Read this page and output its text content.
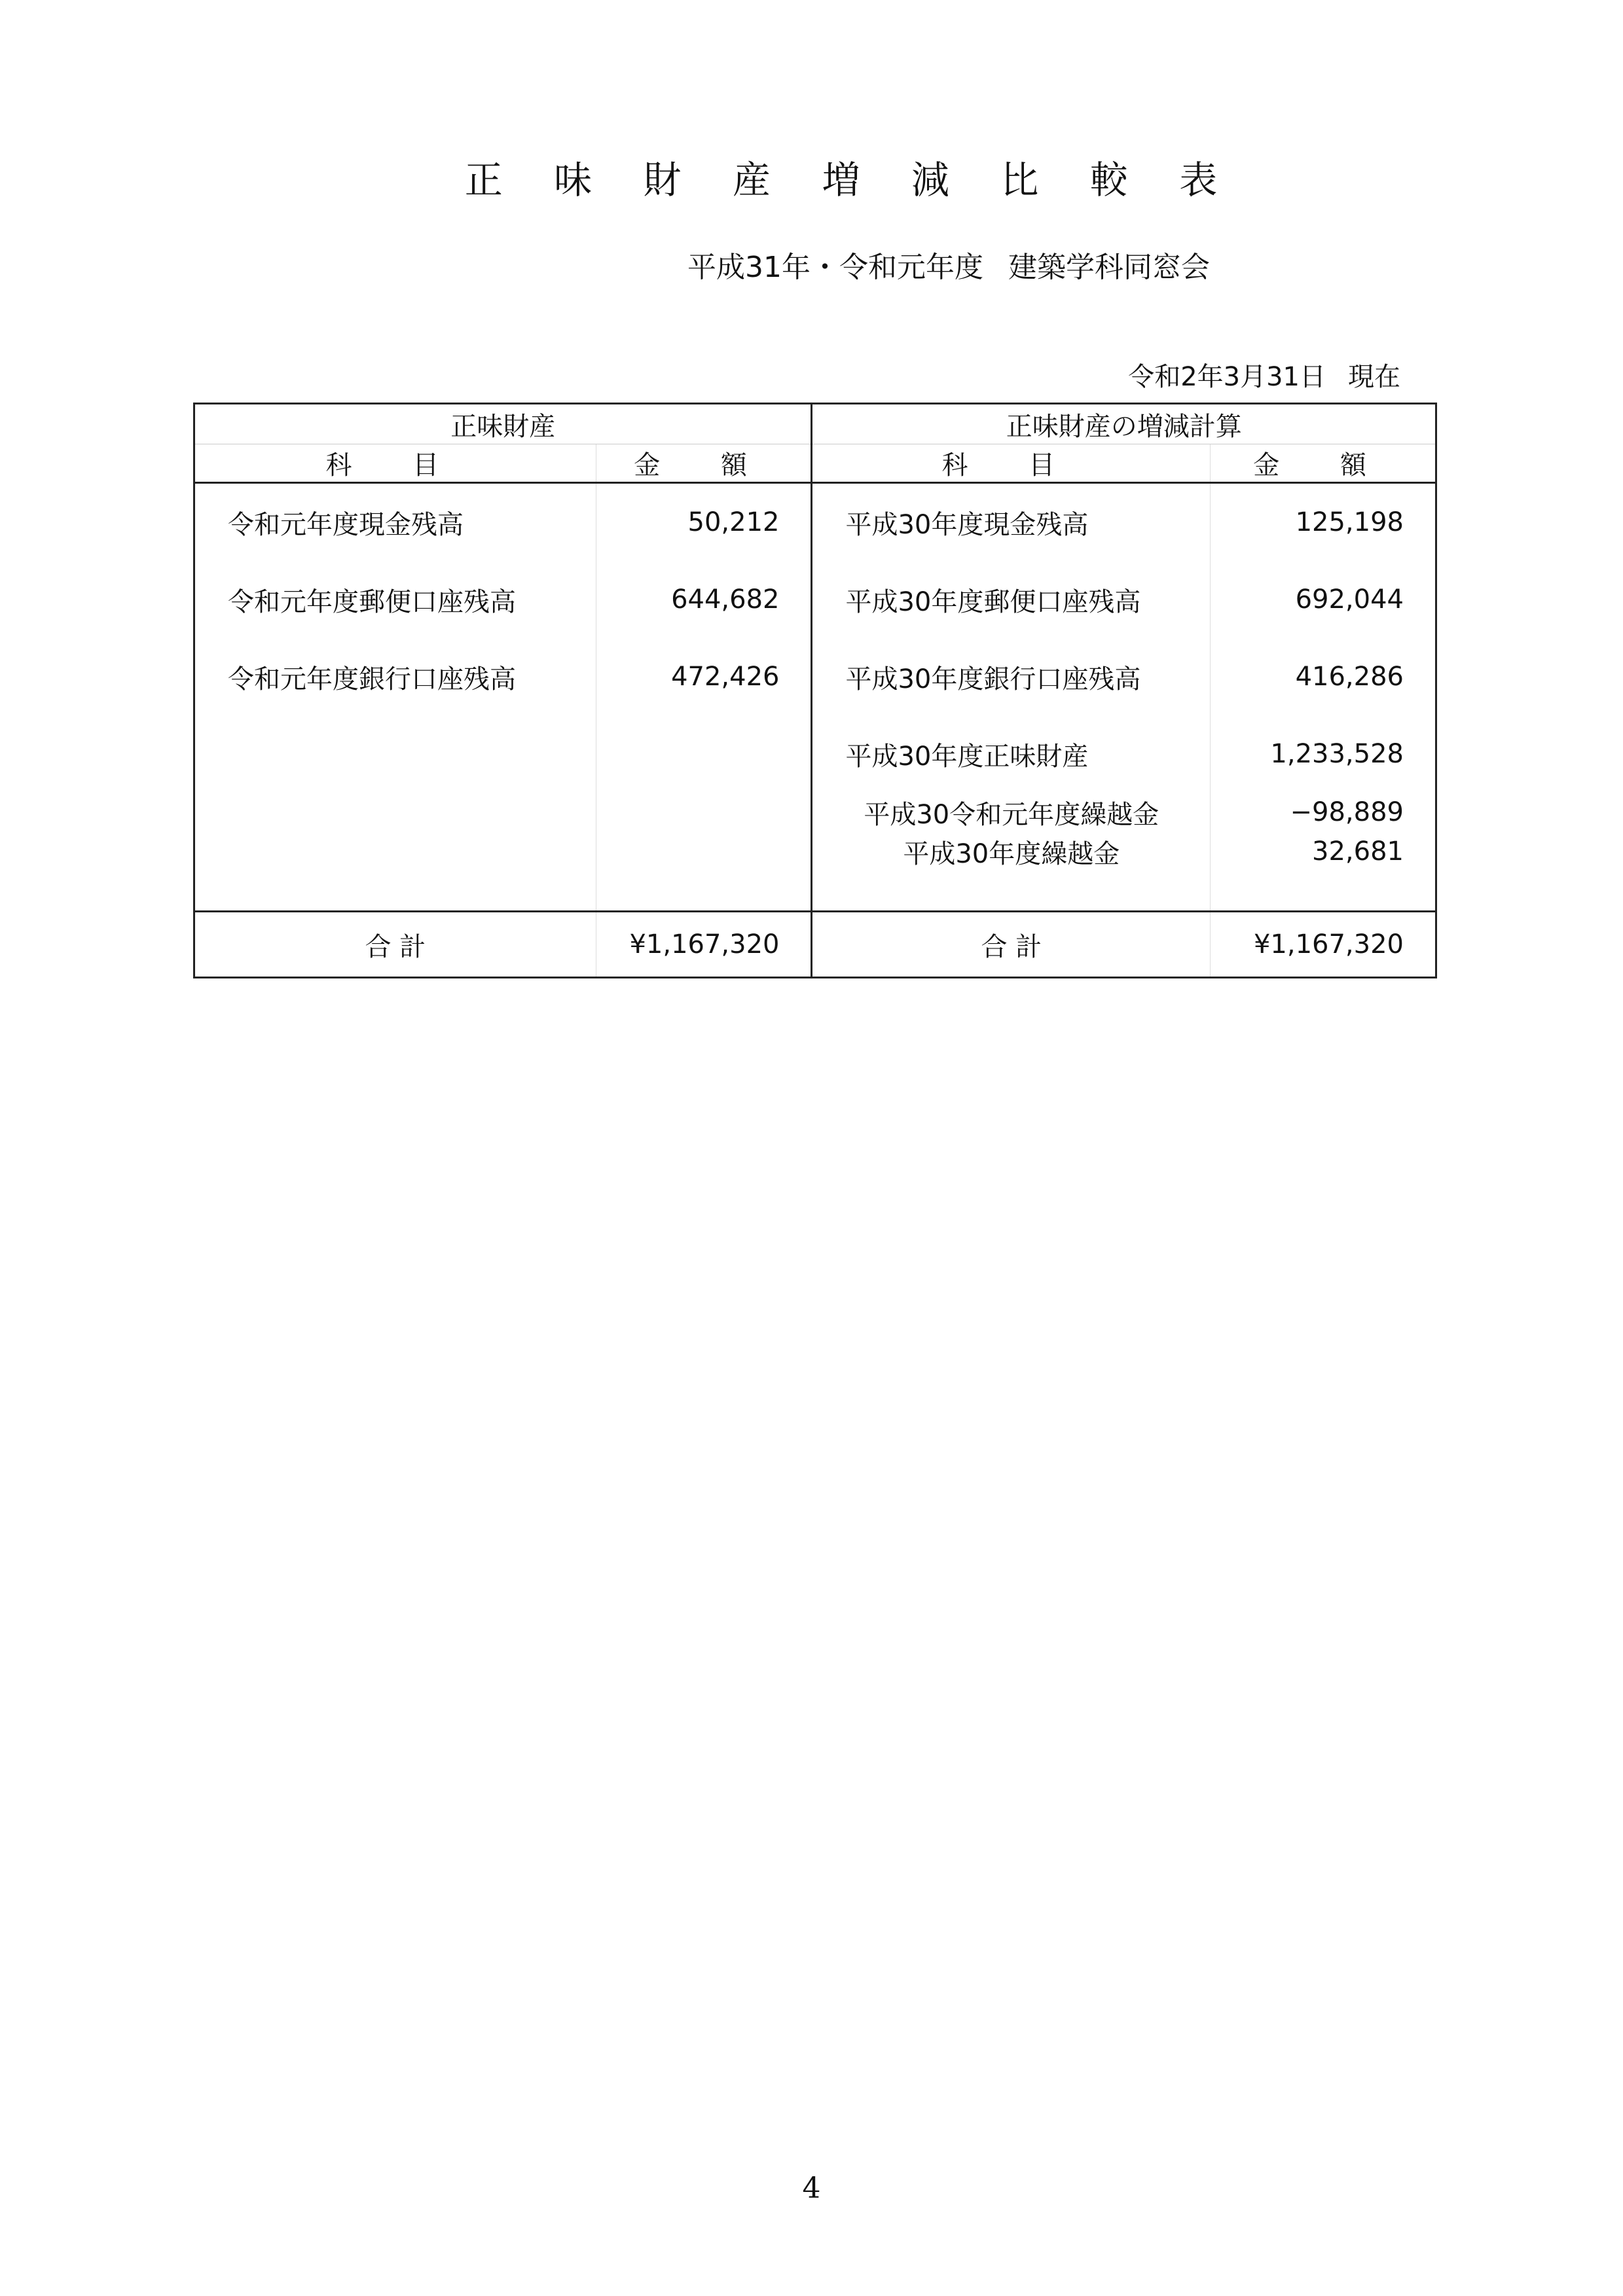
正 味 財 産 増 減 比 較 表
平成31年・令和元年度 建築学科同窓会
令和2年3月31日 現在
正味財産		正味財産の増減計算	
科 目	金 額	科 目	金 額
令和元年度現金残高	50,212	平成30年度現金残高	125,198
令和元年度郵便口座残高	644,682	平成30年度郵便口座残高	692,044
令和元年度銀行口座残高	472,426	平成30年度銀行口座残高	416,286
		平成30年度正味財産	1,233,528
		平成30令和元年度繰越金	−98,889
		平成30年度繰越金	32,681

合 計	¥1,167,320	合 計	¥1,167,320
4
